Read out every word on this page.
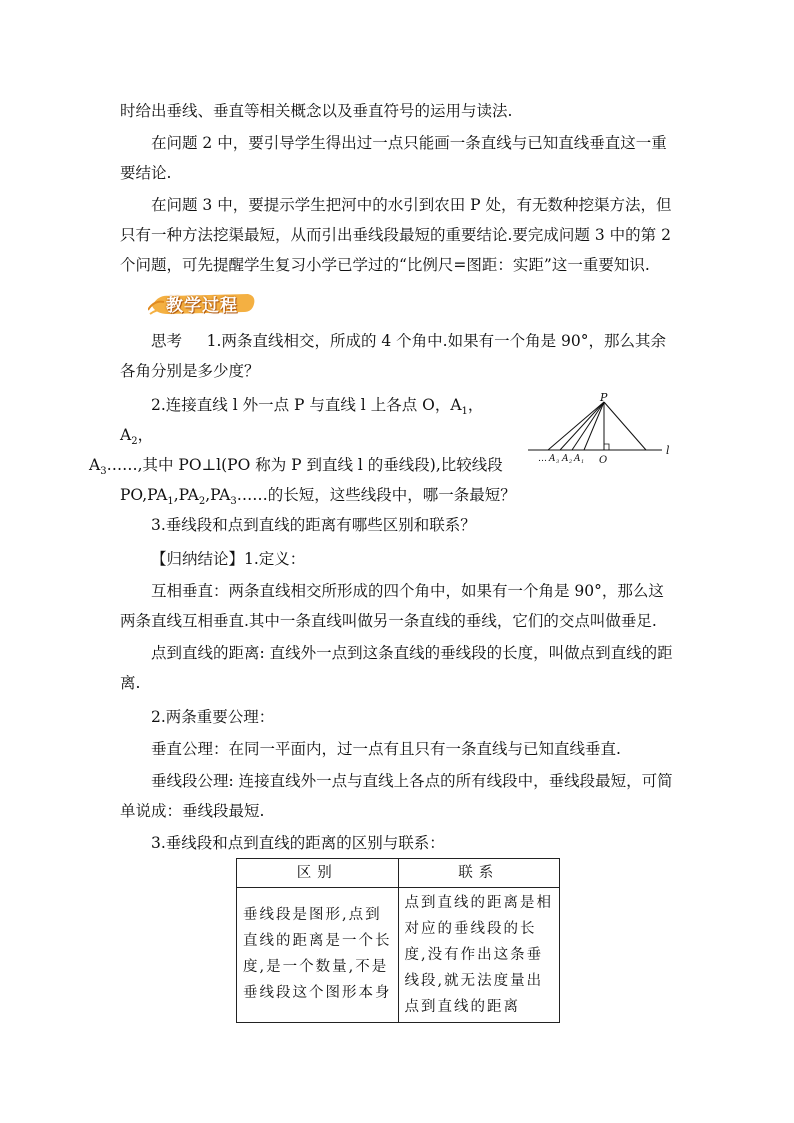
时给出垂线、垂直等相关概念以及垂直符号的运用与读法.

在问题 2 中，要引导学生得出过一点只能画一条直线与已知直线垂直这一重要结论.

在问题 3 中，要提示学生把河中的水引到农田 P 处，有无数种挖渠方法，但只有一种方法挖渠最短，从而引出垂线段最短的重要结论.要完成问题 3 中的第 2 个问题，可先提醒学生复习小学已学过的“比例尺=图距：实距”这一重要知识.

教学过程

思考 1.两条直线相交，所成的 4 个角中.如果有一个角是 90°，那么其余各角分别是多少度？

2.连接直线 l 外一点 P 与直线 l 上各点 O，$A_1$，$A_2$，
$A_3\dots\dots$,其中 PO⊥l(PO 称为 P 到直线 l 的垂线段),比较线段 $PO,PA_1,PA_2,PA_3\dots\dots$的长短，这些线段中，哪一条最短？

P
l
O
… A 3 A 2 A 1

3.垂线段和点到直线的距离有哪些区别和联系？

【归纳结论】1.定义：

互相垂直：两条直线相交所形成的四个角中，如果有一个角是 90°，那么这两条直线互相垂直.其中一条直线叫做另一条直线的垂线，它们的交点叫做垂足.

点到直线的距离: 直线外一点到这条直线的垂线段的长度，叫做点到直线的距离.

2.两条重要公理：

垂直公理：在同一平面内，过一点有且只有一条直线与已知直线垂直.

垂线段公理: 连接直线外一点与直线上各点的所有线段中，垂线段最短，可简单说成：垂线段最短.

3.垂线段和点到直线的距离的区别与联系：

区别	联系
垂线段是图形,点到直线的距离是一个长度,是一个数量,不是垂线段这个图形本身	点到直线的距离是相对应的垂线段的长度,没有作出这条垂线段,就无法度量出点到直线的距离
